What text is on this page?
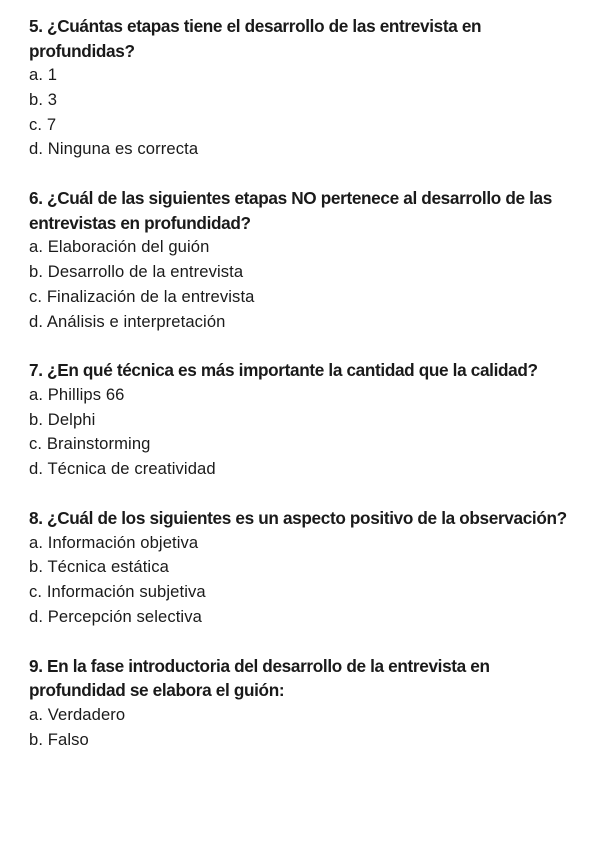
5. ¿Cuántas etapas tiene el desarrollo de las entrevista en profundidas?

a. 1
b. 3
c. 7
d. Ninguna es correcta

6. ¿Cuál de las siguientes etapas NO pertenece al desarrollo de las entrevistas en profundidad?

a. Elaboración del guión
b. Desarrollo de la entrevista
c. Finalización de la entrevista
d. Análisis e interpretación

7. ¿En qué técnica es más importante la cantidad que la calidad?

a. Phillips 66
b. Delphi
c. Brainstorming
d. Técnica de creatividad

8. ¿Cuál de los siguientes es un aspecto positivo de la observación?

a. Información objetiva
b. Técnica estática
c. Información subjetiva
d. Percepción selectiva

9. En la fase introductoria del desarrollo de la entrevista en profundidad se elabora el guión:

a. Verdadero
b. Falso
